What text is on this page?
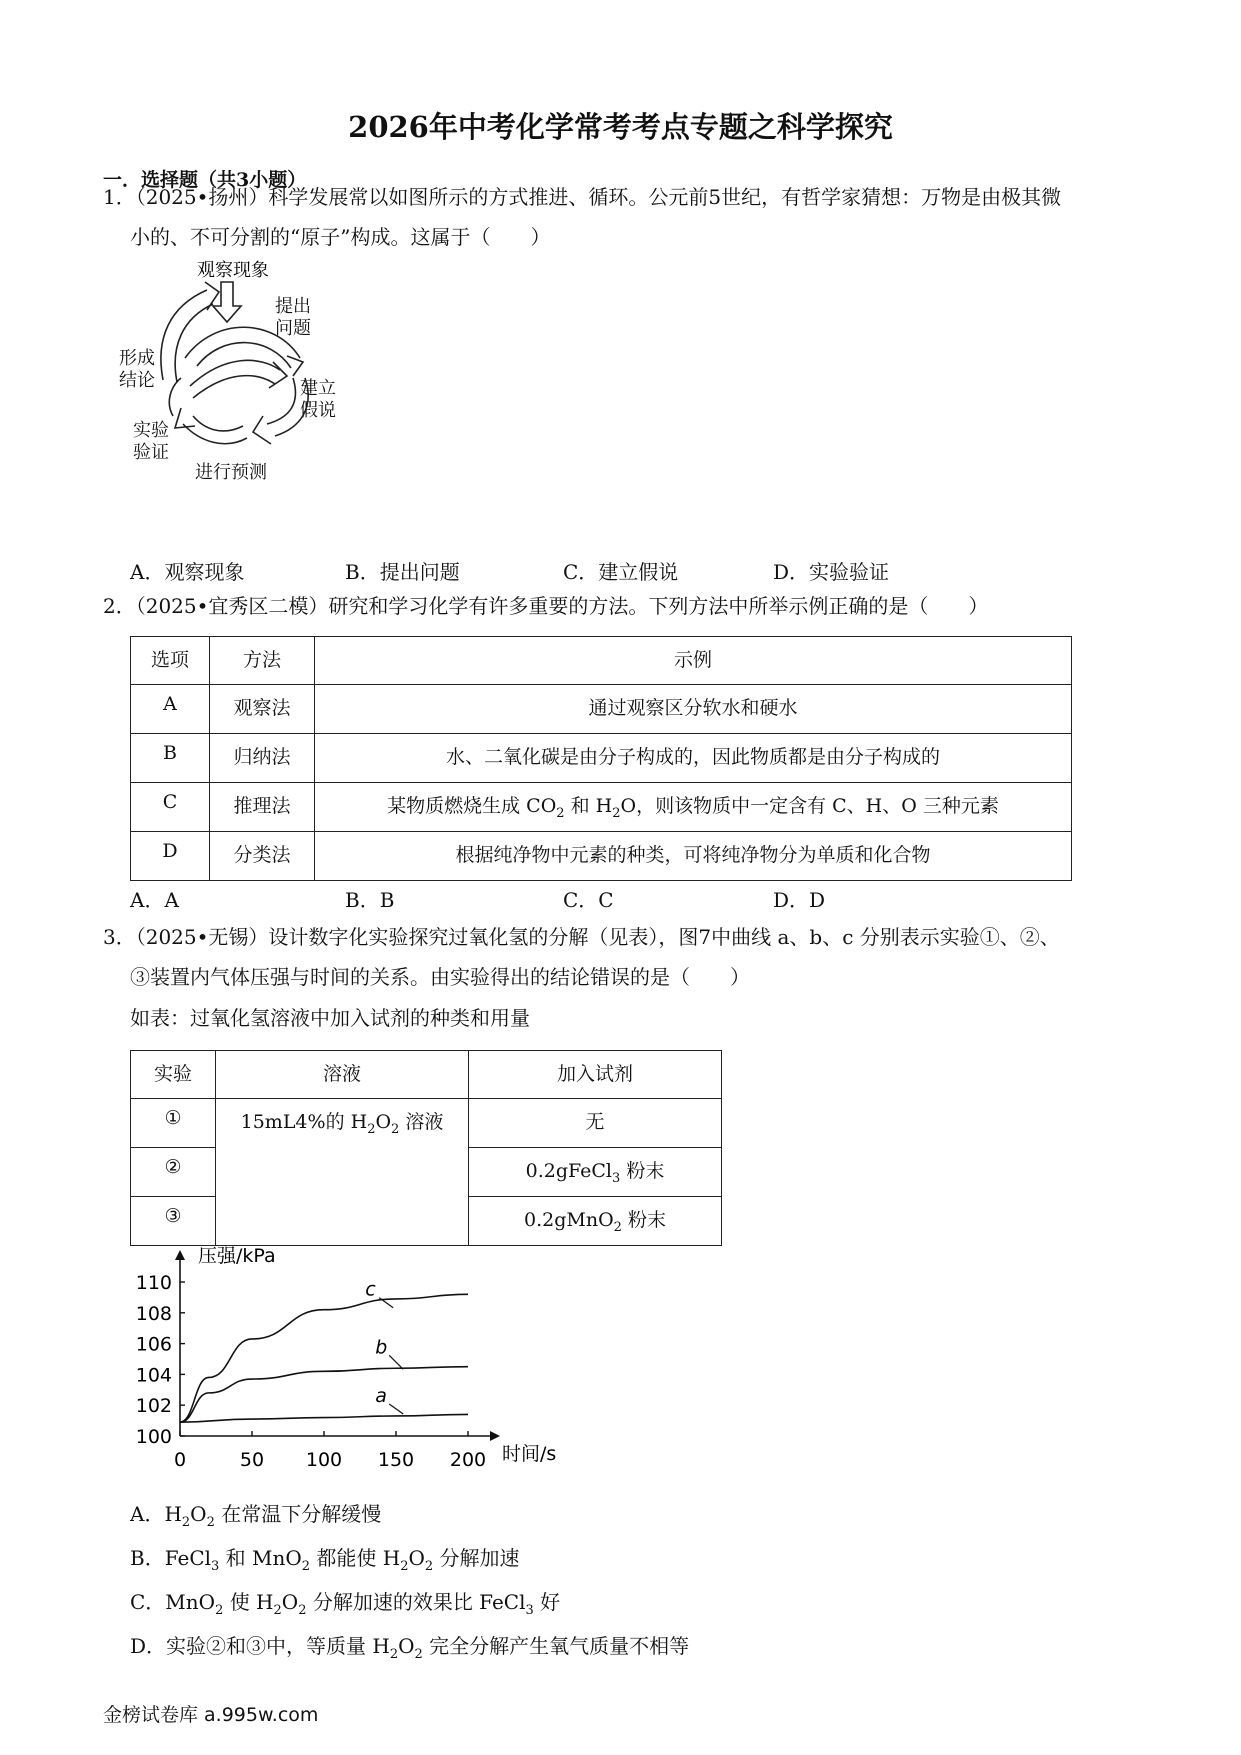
2026年中考化学常考考点专题之科学探究
一．选择题（共3小题）
1．（2025•扬州）科学发展常以如图所示的方式推进、循环。公元前5世纪，有哲学家猜想：万物是由极其微
小的、不可分割的“原子”构成。这属于（　　）
观察现象
提出
问题
建立
假说
进行预测
实验
验证
形成
结论
A．观察现象	B．提出问题	C．建立假说	D．实验验证
2．（2025•宜秀区二模）研究和学习化学有许多重要的方法。下列方法中所举示例正确的是（　　）
选项	方法	示例
A	观察法	通过观察区分软水和硬水
B	归纳法	水、二氧化碳是由分子构成的，因此物质都是由分子构成的
C	推理法	某物质燃烧生成 $CO_2$ 和 $H_2O$，则该物质中一定含有 C、H、O 三种元素
D	分类法	根据纯净物中元素的种类，可将纯净物分为单质和化合物
A．A	B．B	C．C	D．D
3．（2025•无锡）设计数字化实验探究过氧化氢的分解（见表），图7中曲线 a、b、c 分别表示实验①、②、
③装置内气体压强与时间的关系。由实验得出的结论错误的是（　　）
如表：过氧化氢溶液中加入试剂的种类和用量
实验	溶液	加入试剂
①	15mL4%的 $H_2O_2$ 溶液	无
②		0.2gFeCl$_3$ 粉末
③		0.2gMnO$_2$ 粉末
压强/kPa
时间/s
100
102
104
106
108
110
0	50 100 150 200
a
b
c
A．$H_2O_2$ 在常温下分解缓慢
B．FeCl$_3$ 和 MnO$_2$ 都能使 $H_2O_2$ 分解加速
C．MnO$_2$ 使 $H_2O_2$ 分解加速的效果比 FeCl$_3$ 好
D．实验②和③中，等质量 $H_2O_2$ 完全分解产生氧气质量不相等
金榜试卷库 a.995w.com
